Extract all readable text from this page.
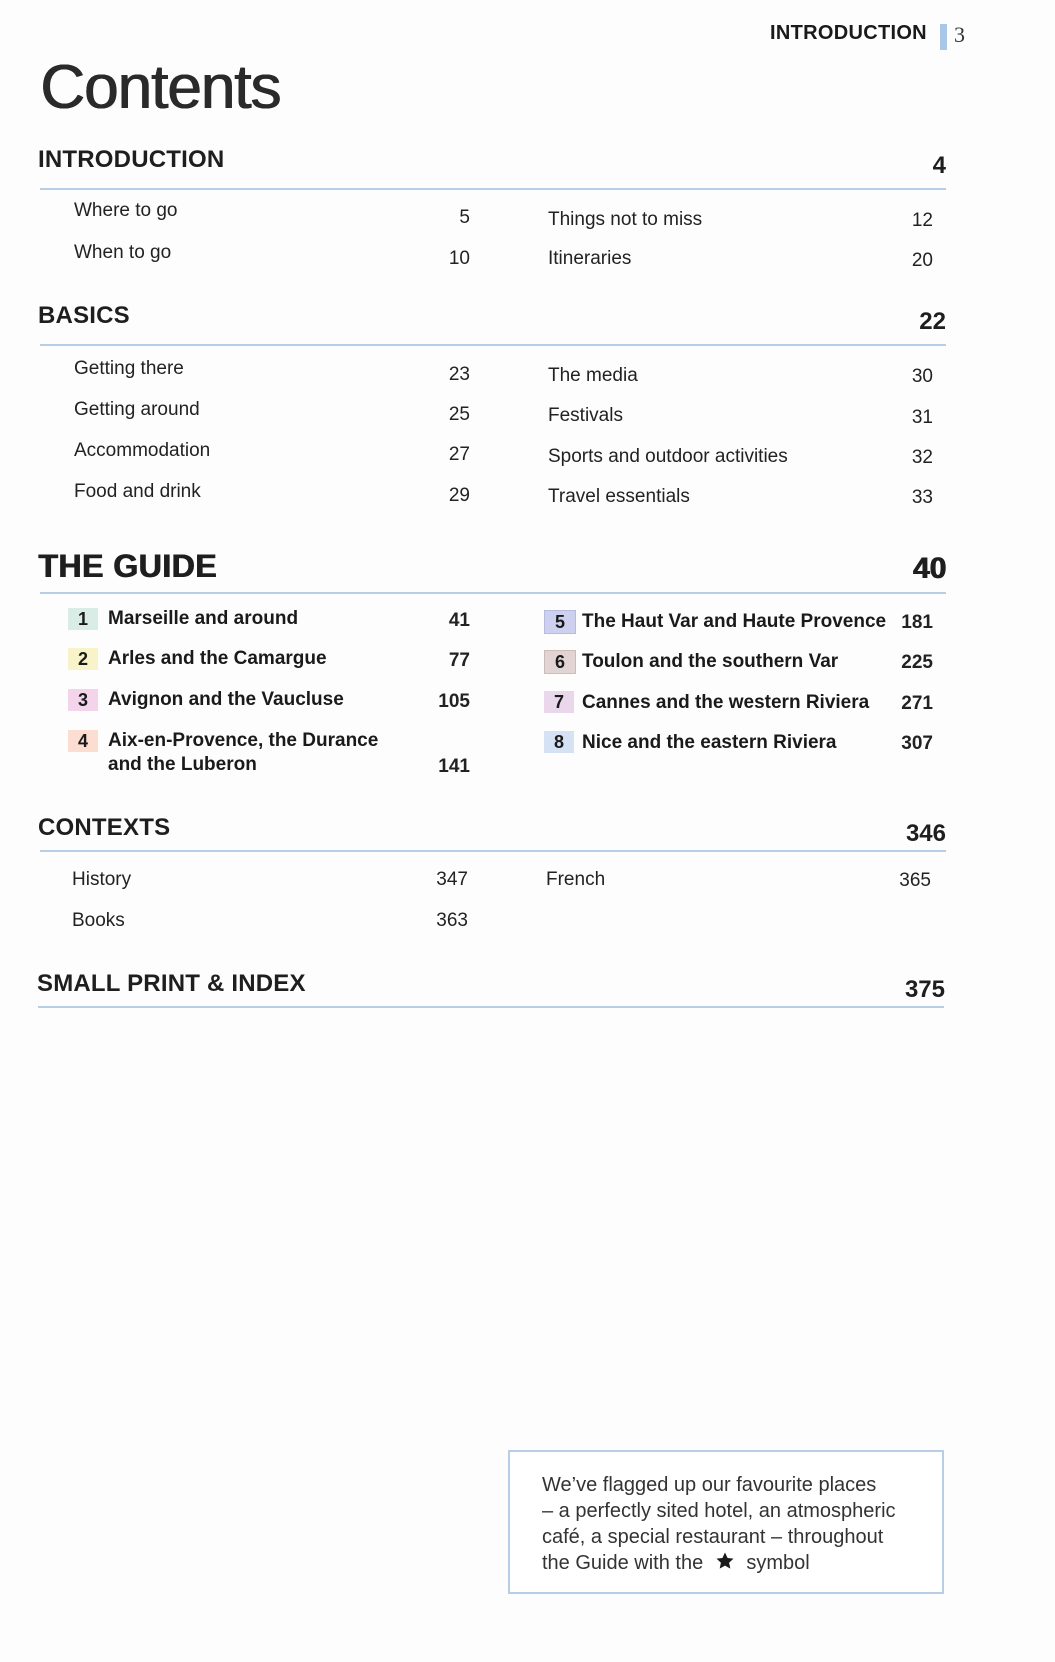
INTRODUCTION 3
Contents
INTRODUCTION	4
Where to go	5
When to go	10
Things not to miss	12
Itineraries	20
BASICS	22
Getting there	23
Getting around	25
Accommodation	27
Food and drink	29
The media	30
Festivals	31
Sports and outdoor activities	32
Travel essentials	33
THE GUIDE	40
1	Marseille and around	41
2	Arles and the Camargue	77
3	Avignon and the Vaucluse	105
4	Aix-en-Provence, the Durance
and the Luberon	141
5 The Haut Var and Haute Provence 181
6 Toulon and the southern Var	225
7 Cannes and the western Riviera	271
8 Nice and the eastern Riviera	307
CONTEXTS	346
History	347
Books	363
French	365
SMALL PRINT & INDEX	375
We’ve flagged up our favourite places
– a perfectly sited hotel, an atmospheric
café, a special restaurant – throughout
the Guide with the symbol
